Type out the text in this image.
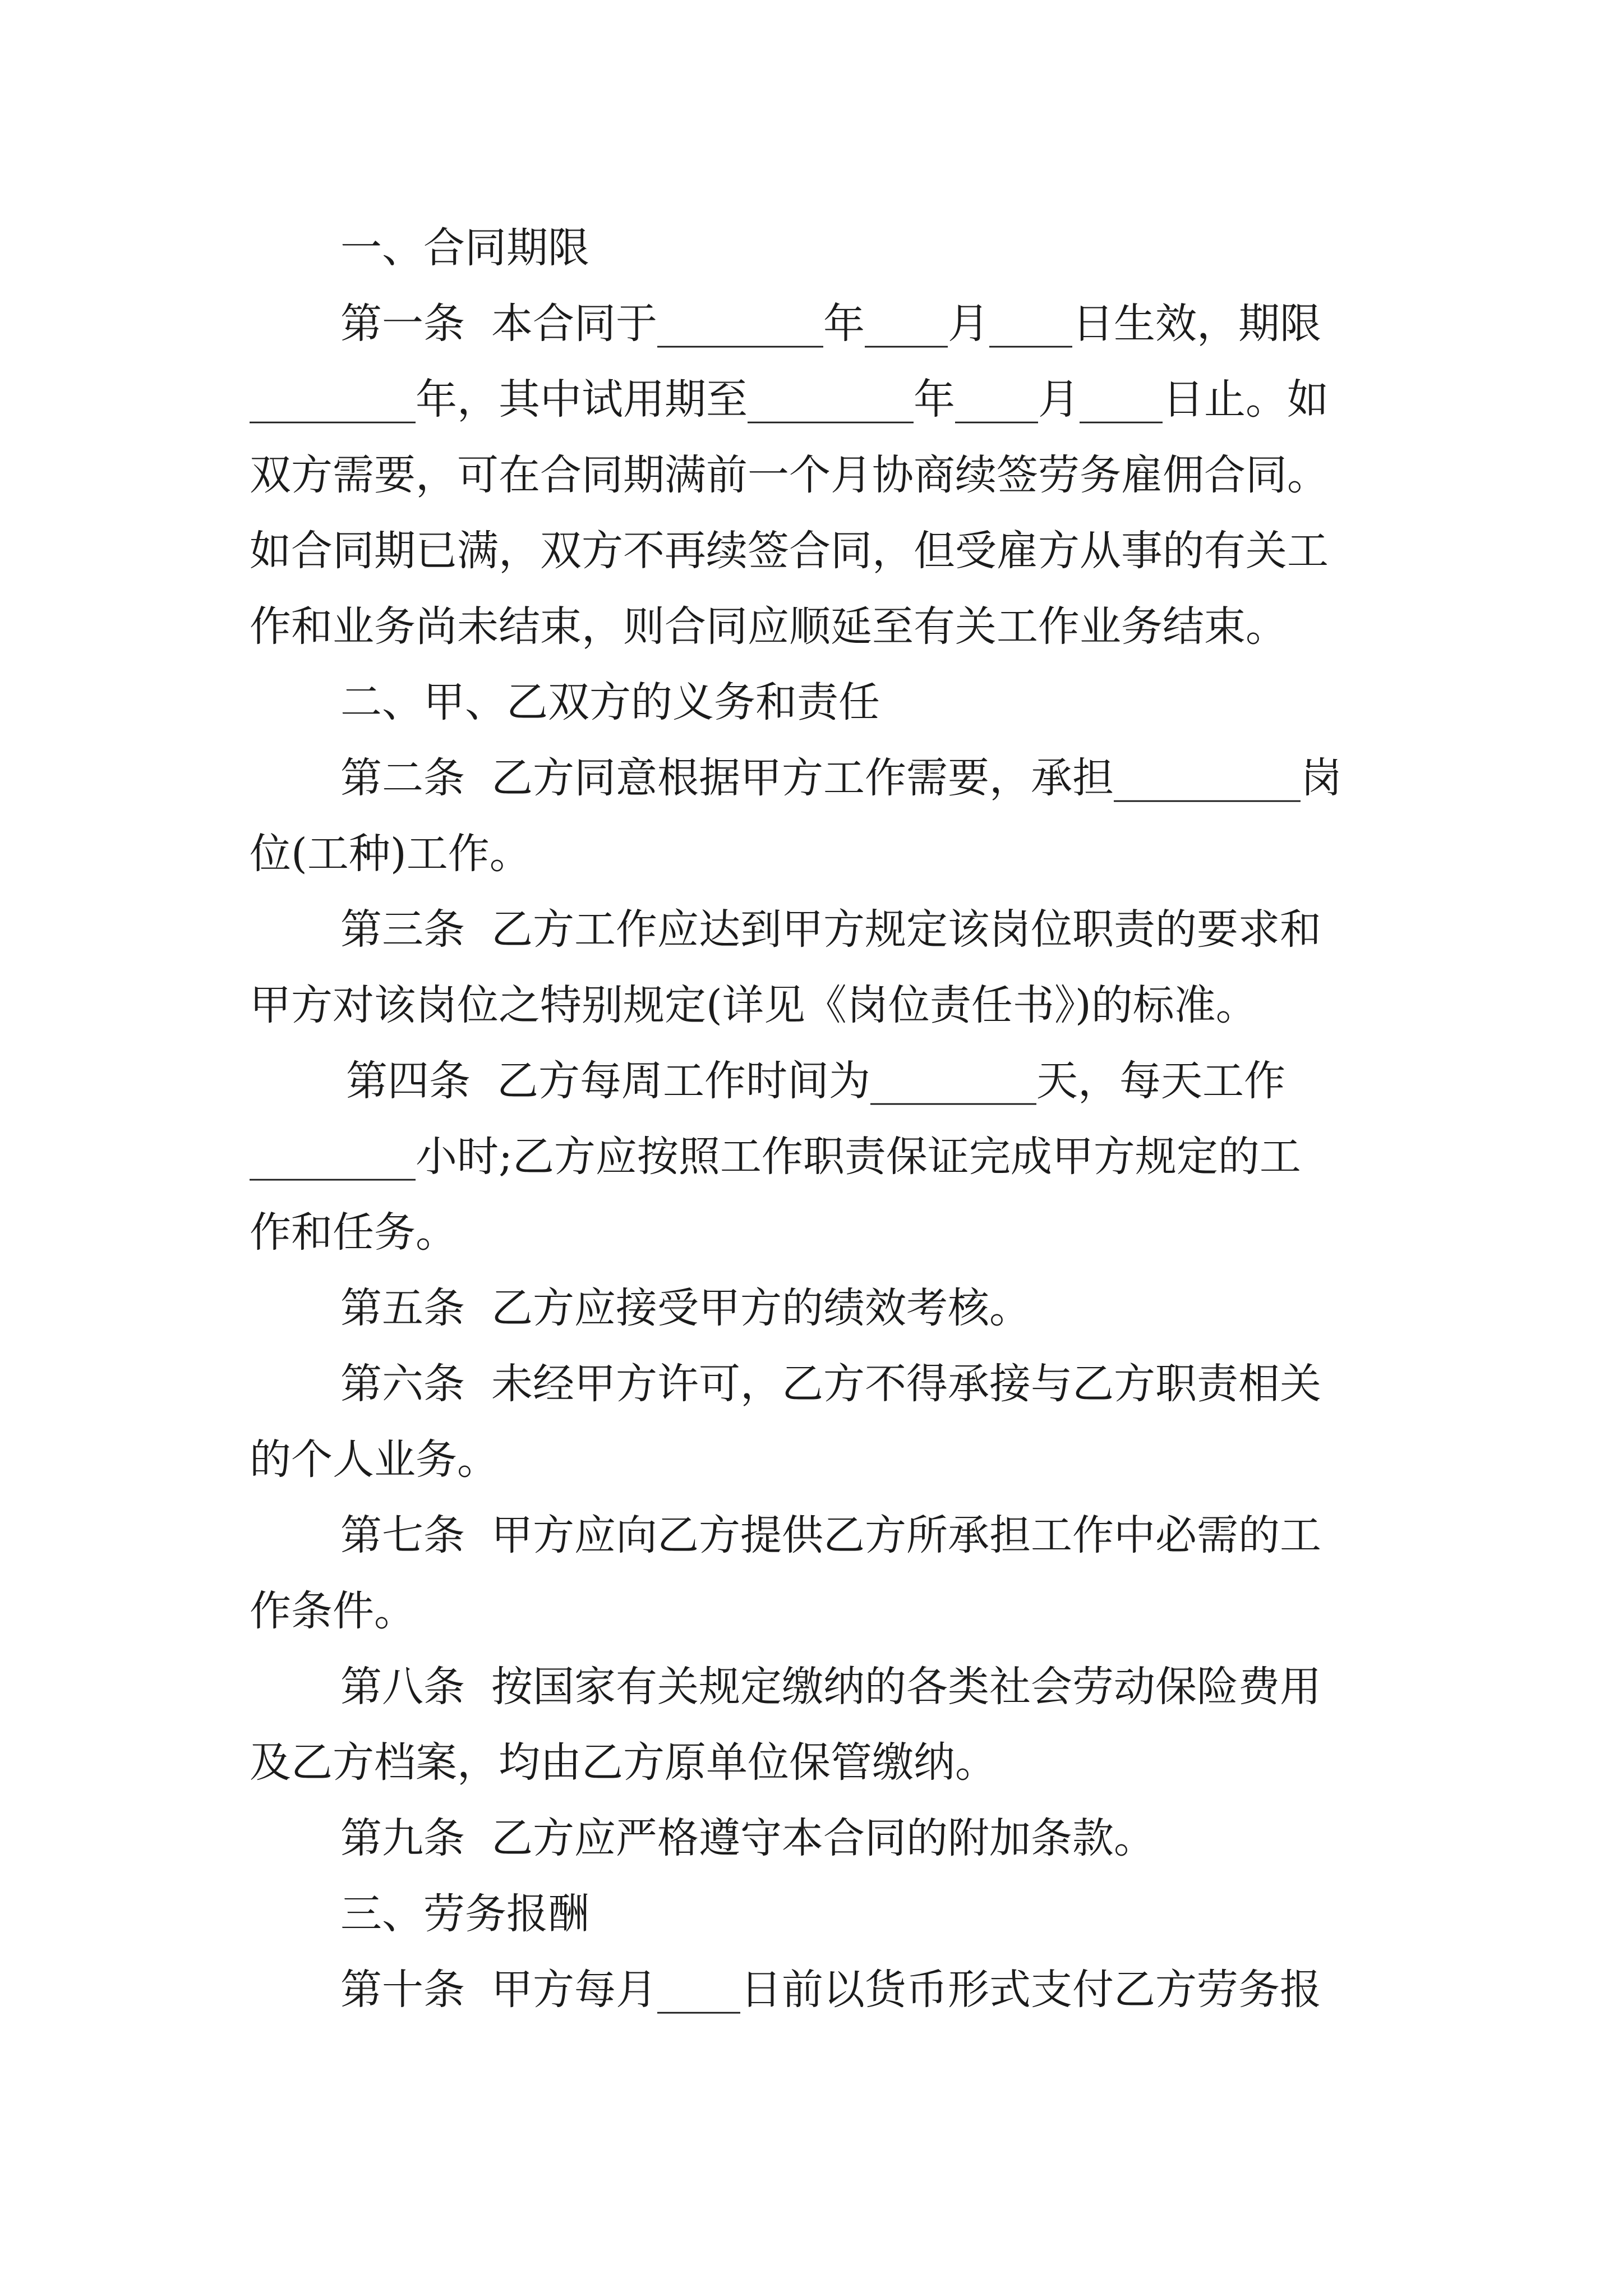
一、合同期限
第一条  本合同于________年____月____日生效，期限
________年，其中试用期至________年____月____日止。如
双方需要，可在合同期满前一个月协商续签劳务雇佣合同。
如合同期已满，双方不再续签合同，但受雇方从事的有关工
作和业务尚未结束，则合同应顺延至有关工作业务结束。
二、甲、乙双方的义务和责任
第二条  乙方同意根据甲方工作需要，承担_________岗
位(工种)工作。
第三条  乙方工作应达到甲方规定该岗位职责的要求和
甲方对该岗位之特别规定(详见《岗位责任书》)的标准。
第四条  乙方每周工作时间为________天，每天工作
________小时;乙方应按照工作职责保证完成甲方规定的工
作和任务。
第五条  乙方应接受甲方的绩效考核。
第六条  未经甲方许可，乙方不得承接与乙方职责相关
的个人业务。
第七条  甲方应向乙方提供乙方所承担工作中必需的工
作条件。
第八条  按国家有关规定缴纳的各类社会劳动保险费用
及乙方档案，均由乙方原单位保管缴纳。
第九条  乙方应严格遵守本合同的附加条款。
三、劳务报酬
第十条  甲方每月____日前以货币形式支付乙方劳务报
